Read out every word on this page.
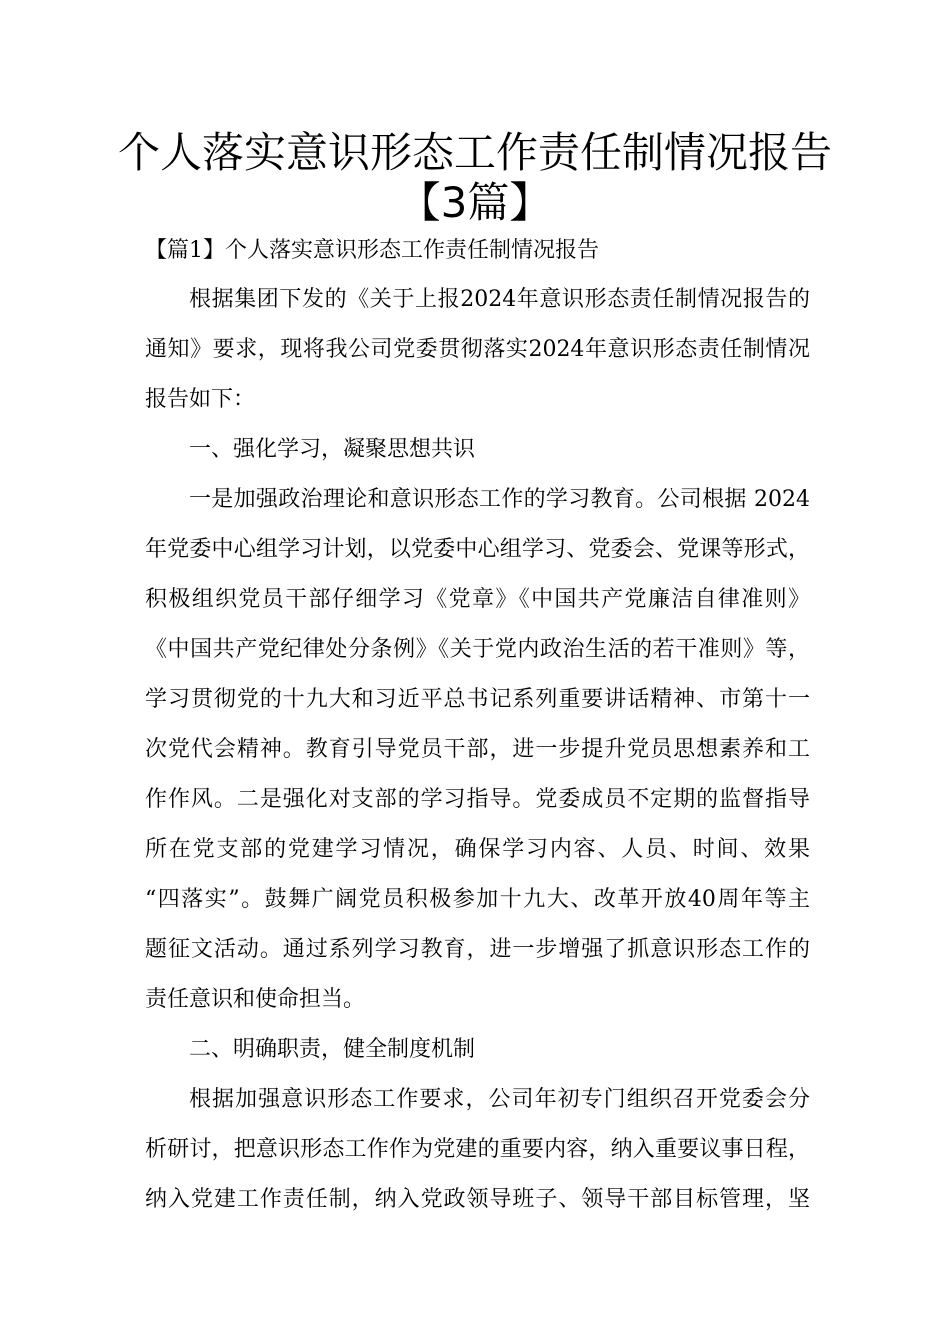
个人落实意识形态工作责任制情况报告
【3篇】

【篇1】个人落实意识形态工作责任制情况报告

根据集团下发的《关于上报2024年意识形态责任制情况报告的

通知》要求，现将我公司党委贯彻落实2024年意识形态责任制情况

报告如下：

一、强化学习，凝聚思想共识

一是加强政治理论和意识形态工作的学习教育。公司根据 2024

年党委中心组学习计划，以党委中心组学习、党委会、党课等形式，

积极组织党员干部仔细学习《党章》《中国共产党廉洁自律准则》

《中国共产党纪律处分条例》《关于党内政治生活的若干准则》等，

学习贯彻党的十九大和习近平总书记系列重要讲话精神、市第十一

次党代会精神。教育引导党员干部，进一步提升党员思想素养和工

作作风。二是强化对支部的学习指导。党委成员不定期的监督指导

所在党支部的党建学习情况，确保学习内容、人员、时间、效果

“四落实”。鼓舞广阔党员积极参加十九大、改革开放40周年等主

题征文活动。通过系列学习教育，进一步增强了抓意识形态工作的

责任意识和使命担当。

二、明确职责，健全制度机制

根据加强意识形态工作要求，公司年初专门组织召开党委会分

析研讨，把意识形态工作作为党建的重要内容，纳入重要议事日程，

纳入党建工作责任制，纳入党政领导班子、领导干部目标管理，坚
